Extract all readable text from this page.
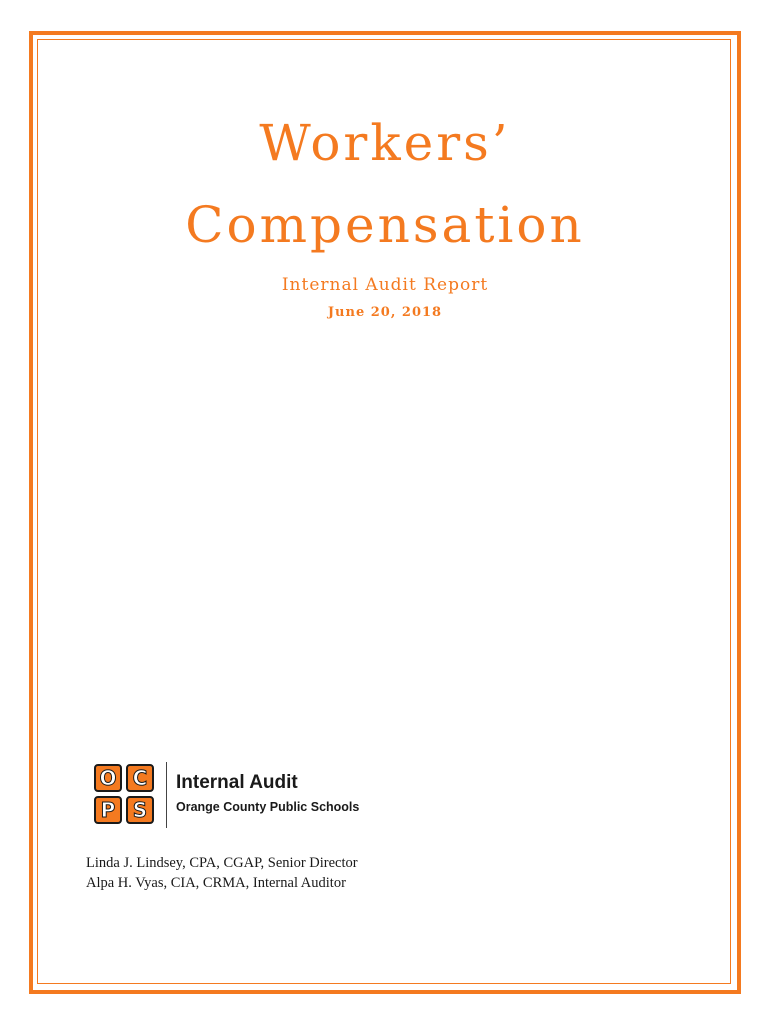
Workers’
Compensation
Internal Audit Report
June 20, 2018
O C
P S
Internal Audit
Orange County Public Schools
Linda J. Lindsey, CPA, CGAP, Senior Director
Alpa H. Vyas, CIA, CRMA, Internal Auditor
